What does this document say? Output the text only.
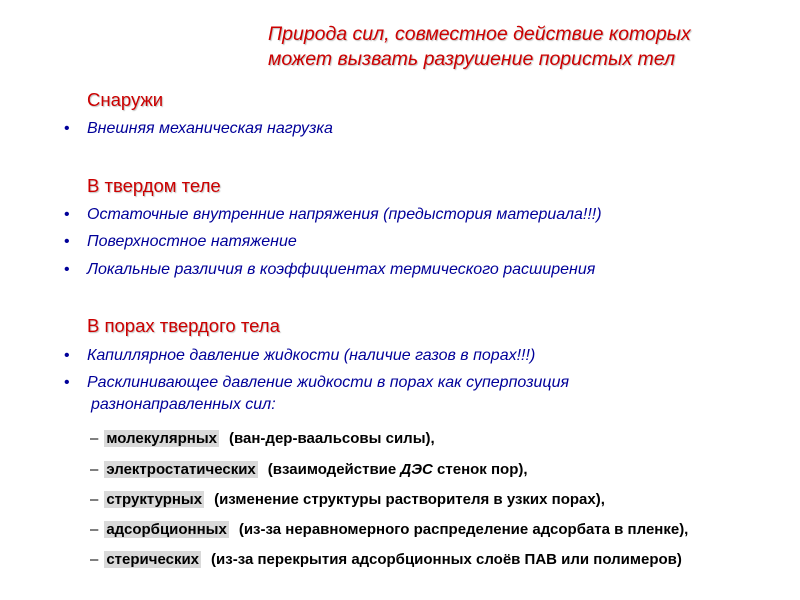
Природа сил, совместное действие которых
может вызвать разрушение пористых тел
Снаружи
•	Внешняя механическая нагрузка
В твердом теле
•	Остаточные внутренние напряжения (предыстория материала!!!)
•	Поверхностное натяжение
•	Локальные различия в коэффициентах термического расширения
В порах твердого тела
•	Капиллярное давление жидкости (наличие газов в порах!!!)
•	Расклинивающее давление жидкости в порах как суперпозиция
разнонаправленных сил:
– молекулярных (ван-дер-ваальсовы силы),
– электростатических (взаимодействие ДЭС стенок пор),
– структурных (изменение структуры растворителя в узких порах),
– адсорбционных (из-за неравномерного распределение адсорбата в пленке),
– стерических (из-за перекрытия адсорбционных слоёв ПАВ или полимеров)
